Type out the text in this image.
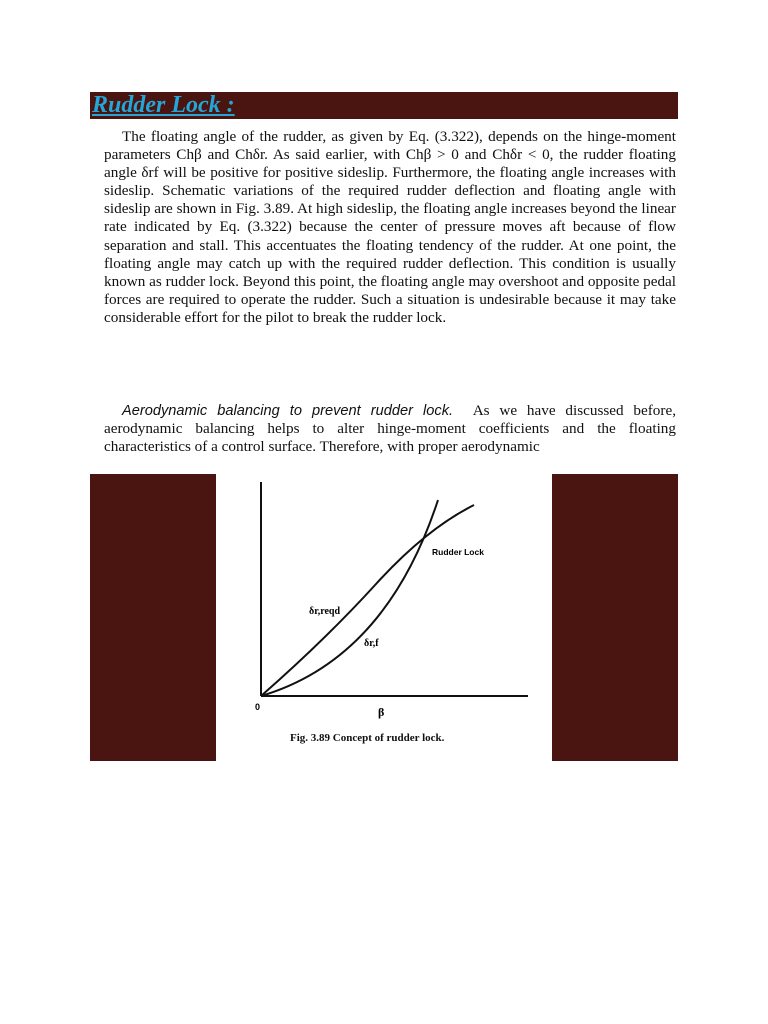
Rudder Lock :

The floating angle of the rudder, as given by Eq. (3.322), depends on the hinge-moment parameters Chβ and Chδr. As said earlier, with Chβ > 0 and Chδr < 0, the rudder floating angle δrf will be positive for positive sideslip. Furthermore, the floating angle increases with sideslip. Schematic variations of the required rudder deflection and floating angle with sideslip are shown in Fig. 3.89. At high sideslip, the floating angle increases beyond the linear rate indicated by Eq. (3.322) because the center of pressure moves aft because of flow separation and stall. This accentuates the floating tendency of the rudder. At one point, the floating angle may catch up with the required rudder deflection. This condition is usually known as rudder lock. Beyond this point, the floating angle may overshoot and opposite pedal forces are required to operate the rudder. Such a situation is undesirable because it may take considerable effort for the pilot to break the rudder lock.

Aerodynamic balancing to prevent rudder lock. As we have discussed before, aerodynamic balancing helps to alter hinge-moment coefficients and the floating characteristics of a control surface. Therefore, with proper aerodynamic

0	β
Rudder Lock
δr,reqd
δr,f
Fig. 3.89 Concept of rudder lock.
